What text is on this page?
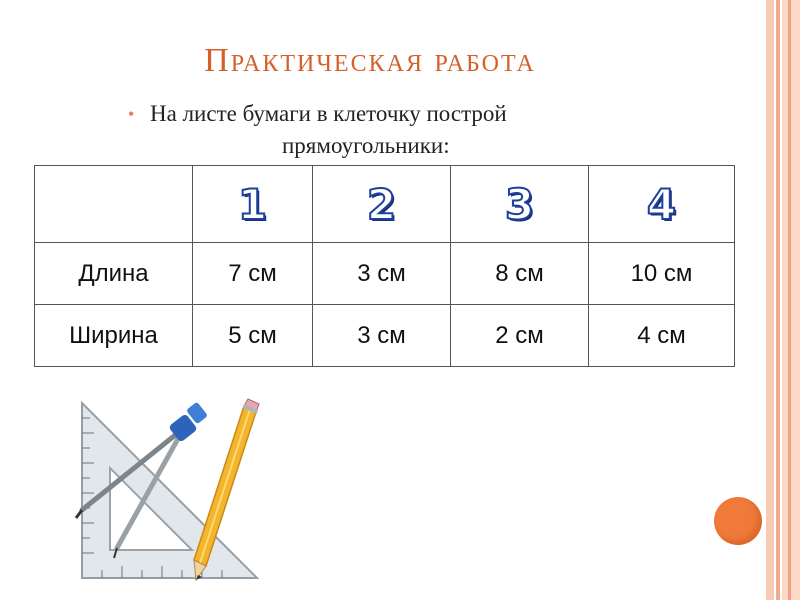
Практическая работа
• На листе бумаги в клеточку построй
прямоугольники:
	1	2	3	4
Длина	7 см	3 см	8 см	10 см
Ширина	5 см	3 см	2 см	4 см
